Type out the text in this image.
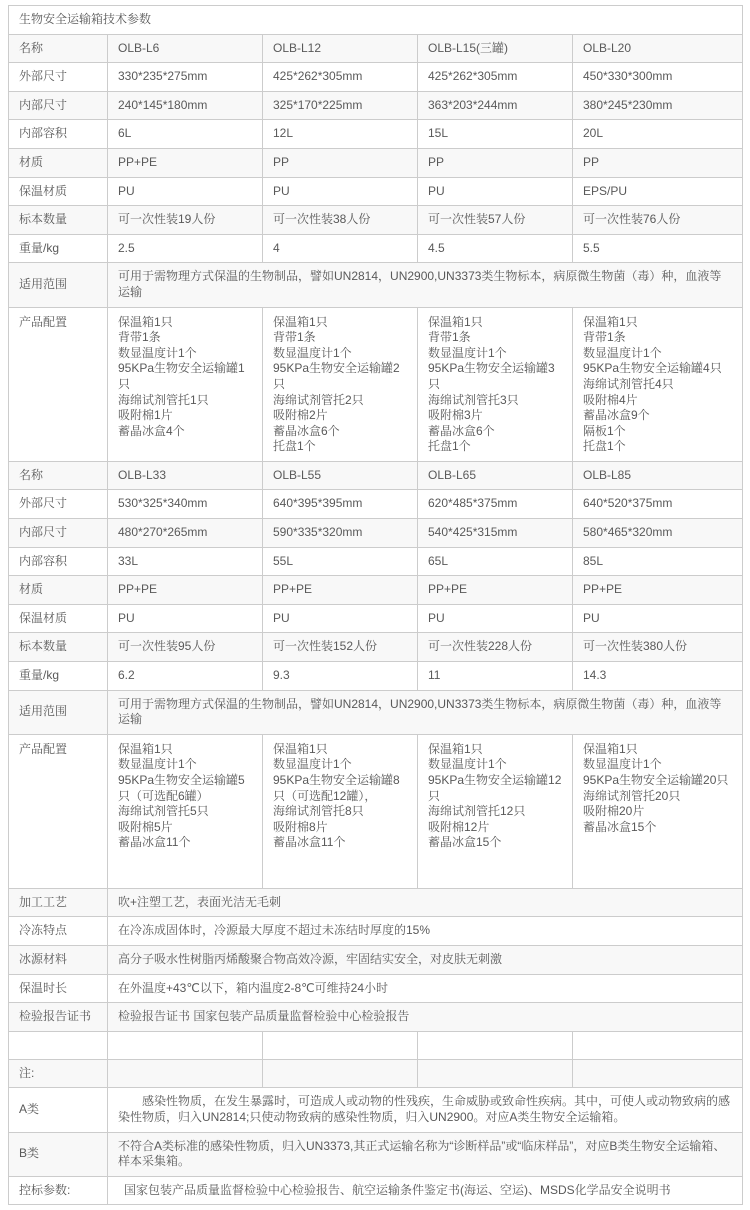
生物安全运输箱技术参数				
名称	OLB-L6	OLB-L12	OLB-L15(三罐)	OLB-L20
外部尺寸	330*235*275mm	425*262*305mm	425*262*305mm	450*330*300mm
内部尺寸	240*145*180mm	325*170*225mm	363*203*244mm	380*245*230mm
内部容积	6L	12L	15L	20L
材质	PP+PE	PP	PP	PP
保温材质	PU	PU	PU	EPS/PU
标本数量	可一次性装19人份	可一次性装38人份	可一次性装57人份	可一次性装76人份
重量/kg	2.5	4	4.5	5.5
适用范围	可用于需物理方式保温的生物制品，譬如UN2814，UN2900,UN3373类生物标本，病原微生物菌（毒）种，血液等运输			
产品配置	保温箱1只
背带1条
数显温度计1个
95KPa生物安全运输罐1只
海绵试剂管托1只
吸附棉1片
蓄晶冰盒4个	保温箱1只
背带1条
数显温度计1个
95KPa生物安全运输罐2只
海绵试剂管托2只
吸附棉2片
蓄晶冰盒6个
托盘1个	保温箱1只
背带1条
数显温度计1个
95KPa生物安全运输罐3只
海绵试剂管托3只
吸附棉3片
蓄晶冰盒6个
托盘1个	保温箱1只
背带1条
数显温度计1个
95KPa生物安全运输罐4只
海绵试剂管托4只
吸附棉4片
蓄晶冰盒9个
隔板1个
托盘1个
名称	OLB-L33	OLB-L55	OLB-L65	OLB-L85
外部尺寸	530*325*340mm	640*395*395mm	620*485*375mm	640*520*375mm
内部尺寸	480*270*265mm	590*335*320mm	540*425*315mm	580*465*320mm
内部容积	33L	55L	65L	85L
材质	PP+PE	PP+PE	PP+PE	PP+PE
保温材质	PU	PU	PU	PU
标本数量	可一次性装95人份	可一次性装152人份	可一次性装228人份	可一次性装380人份
重量/kg	6.2	9.3	11	14.3
适用范围	可用于需物理方式保温的生物制品，譬如UN2814，UN2900,UN3373类生物标本，病原微生物菌（毒）种，血液等运输			
产品配置	保温箱1只
数显温度计1个
95KPa生物安全运输罐5只（可选配6罐）
海绵试剂管托5只
吸附棉5片
蓄晶冰盒11个	保温箱1只
数显温度计1个
95KPa生物安全运输罐8只（可选配12罐），
海绵试剂管托8只
吸附棉8片
蓄晶冰盒11个	保温箱1只
数显温度计1个
95KPa生物安全运输罐12只
海绵试剂管托12只
吸附棉12片
蓄晶冰盒15个	保温箱1只
数显温度计1个
95KPa生物安全运输罐20只
海绵试剂管托20只
吸附棉20片
蓄晶冰盒15个
加工工艺	吹+注塑工艺，表面光洁无毛刺			
冷冻特点	在冷冻成固体时，冷源最大厚度不超过未冻结时厚度的15%			
冰源材料	高分子吸水性树脂丙烯酸聚合物高效冷源，牢固结实安全，对皮肤无刺激			
保温时长	在外温度+43℃以下，箱内温度2-8℃可维持24小时			
检验报告证书	检验报告证书 国家包装产品质量监督检验中心检验报告			

注:				
A类	感染性物质，在发生暴露时，可造成人或动物的性残疾，生命威胁或致命性疾病。其中，可使人或动物致病的感染性物质，归入UN2814;只使动物致病的感染性物质，归入UN2900。对应A类生物安全运输箱。			
B类	不符合A类标准的感染性物质，归入UN3373,其正式运输名称为“诊断样品”或“临床样品”，对应B类生物安全运输箱、样本采集箱。			
控标参数:	国家包装产品质量监督检验中心检验报告、航空运输条件鉴定书(海运、空运)、MSDS化学品安全说明书			
